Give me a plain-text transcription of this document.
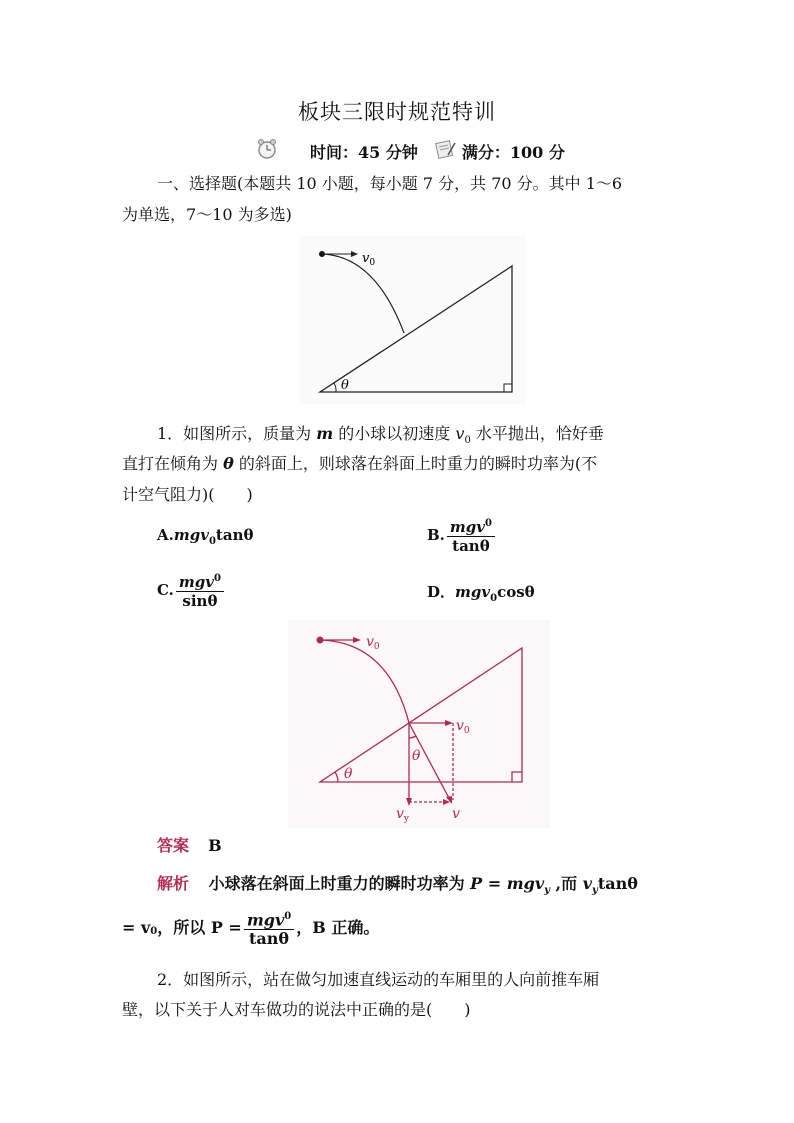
板块三限时规范特训
时间：45 分钟	满分：100 分
一、选择题(本题共 10 小题，每小题 7 分，共 70 分。其中 1～6
为单选，7～10 为多选)
$v_0$
θ
1．如图所示，质量为 m 的小球以初速度 $v_0$ 水平抛出，恰好垂
直打在倾角为 θ 的斜面上，则球落在斜面上时重力的瞬时功率为(不
计空气阻力)(　　)
A.mgv$_0$tanθ	B. $\frac{mgv^0}{\tan\theta}$
C. $\frac{mgv^0}{\sin\theta}$	D．mgv$_0$cosθ
$v_0$
$v_0$
θ
θ
$v_y$	v
答案 B
解析 小球落在斜面上时重力的瞬时功率为 P = mgv$_y$ ,而 $v_y\tan\theta$
= $v_0$ ，所以 $P = \frac{mgv^0}{\tan\theta}$ ，B 正确。
2．如图所示，站在做匀加速直线运动的车厢里的人向前推车厢
壁，以下关于人对车做功的说法中正确的是(　　)
